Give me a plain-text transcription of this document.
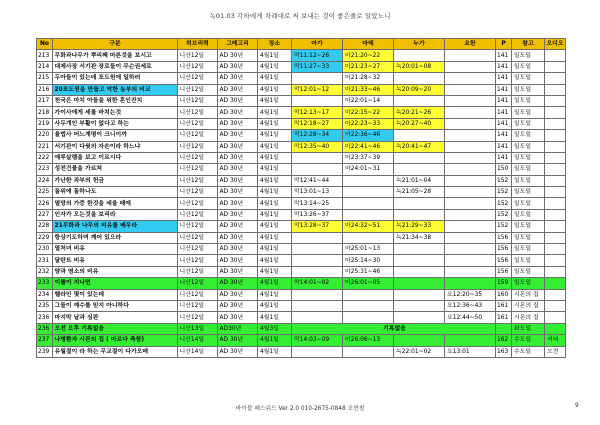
녹01.03 각하에게 차례대로 써 보내는 것이 좋은줄로 알았노니
No	구분	히브리력	그레고리	장소	마가	마태	누가	요한	P	참고	오디오
213	무화과나무가 뿌리째 마른것을 보시고	니산12일	AD 30년	4월1일	막11:12~26	마21:20~22			141	일도일	
214	대제사장 서기관 장로들이 무슨권세로	니산12일	AD 30년	4월1일	막11:27~33	마21:23~27	녹20:01~08		141	일도일	
215	두아들이 있는데 포도원에 일하러	니산12일	AD 30년	4월1일		마21:28~32			141	일도일	
216	20포도원을 만들고 악한 농부의 비교	니산12일	AD 30년	4월1일	막12:01~12	마21:33~46	녹20:09~20		141	일도일	
217	천국은 마치 아들을 위한 혼인잔치	니산12일	AD 30년	4월1일		마22:01~14			141	일도일	
218	가이사에게 세를 바치는것	니산12일	AD 30년	4월1일	막12:13~17	마22:15~22	녹20:21~26		141	일도일	
219	사두개인 부활이 없다고 하는	니산12일	AD 30년	4월1일	막12:18~27	마22:23~33	녹20:27~40		141	일도일	
220	율법사 어느계명이 크니이까	니산12일	AD 30년	4월1일	막12:28~34	마22:36~46			141	일도일	
221	서기관이 다윗의 자손이라 하느냐	니산12일	AD 30년	4월1일	막12:35~40	마22:41~46	녹20:41~47		141	일도일	
222	예루살렘을 보고 이르시다	니산12일	AD 30년	4월1일		마23:37~39			141	일도일	
223	성전건물을 가르쳐	니산12일	AD 30년	4월1일		마24:01~31			150	일도일	
224	가난한 과부의 헌금	니산12일	AD 30년	4월1일	막12:41~44		녹21:01~04		152	일도일	
225	돌위에 돌하나도	니산12일	AD 30년	4월1일	막13:01~13		녹21:05~28		152	일도일	
226	멸망의 가증 한것을 세울 때에	니산12일	AD 30년	4월1일	막13:14~25				152	일도일	
227	인자가 오는것을 보리라	니산12일	AD 30년	4월1일	막13:26~37				152	일도일	
228	21무화과 나무의 비유를 배우라	니산12일	AD 30년	4월1일	막13:28~37	마24:32~51	녹21:29~33		152	일도일	
229	항상기도하며 깨어 있으라	니산12일	AD 30년	4월1일			녹21:34~38		156	일도일	
230	열처녀 비유	니산12일	AD 30년	4월1일		마25:01~13			156	일도일	
231	달란트 비유	니산12일	AD 30년	4월1일		마25:14~30			156	일도일	
232	양과 염소의 비유	니산12일	AD 30년	4월1일		마25:31~46			156	일도일	
233	이틀이 지나면	니산12일	AD 30년	4월1일	막14:01~02	마26:01~05			159	일도일	
234	헬라인 몇이 있는데	니산12일	AD 30년	4월1일				요12:20~35	160	시몬의 집	
235	그들이 예수를 믿지 아니하다	니산12일	AD 30년	4월1일				요12:36~43	161	시몬의 집	
236	마지막 날과 심판	니산12일	AD 30년	4월1일				요12:44~50	161	시몬의 집	
236	오전 오후 기록없음	니산13일	AD30년	4월3일	기록없음					화도일	
237	나병환자 시몬의 집 ( 마르다 축함)	니산14일	AD 30년	4월1일	막14:03~09	마26:06~13			162	수도일	저녁
239	유월절이 라 하는 무교절이 다가오매	니산14일	AD 30년	4월1일			녹22:01~02	요13:01	163	수도일	오전
바이블 패스워드 Ver 2.0 010-2675-0848 조현철	9
